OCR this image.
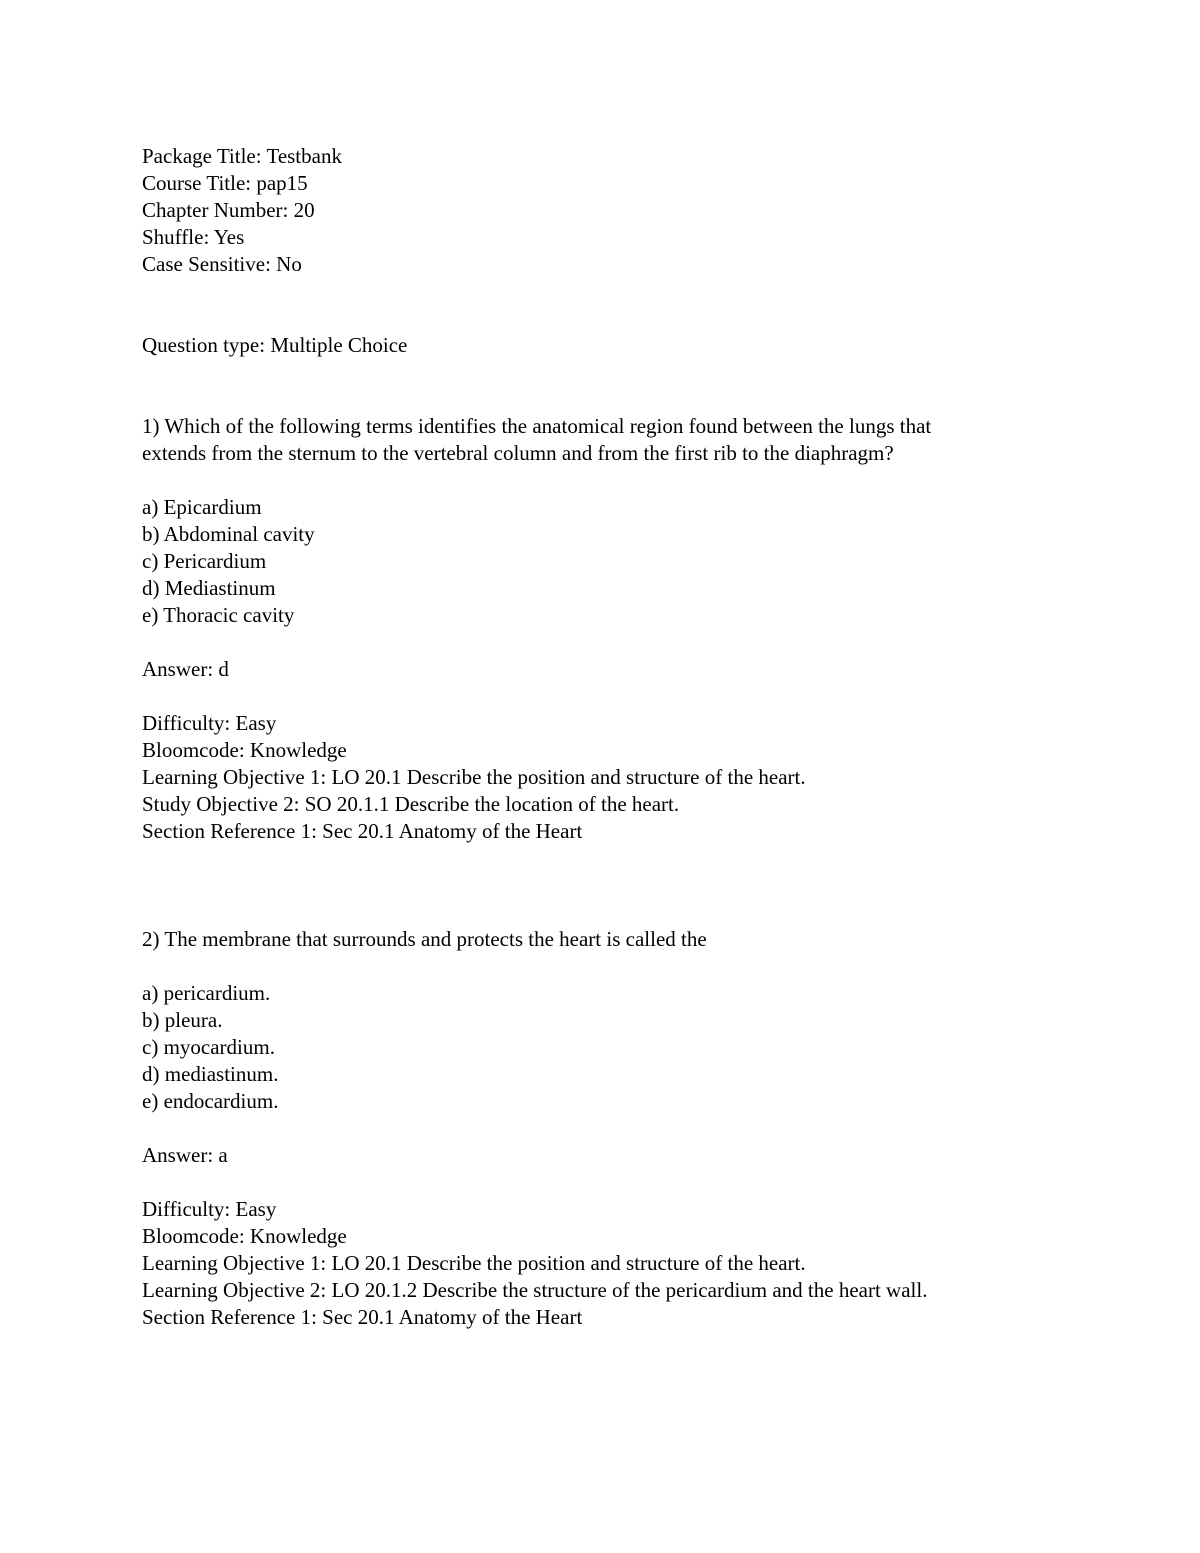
Package Title: Testbank
Course Title: pap15
Chapter Number: 20
Shuffle: Yes
Case Sensitive: No
Question type: Multiple Choice
1) Which of the following terms identifies the anatomical region found between the lungs that
extends from the sternum to the vertebral column and from the first rib to the diaphragm?
a) Epicardium
b) Abdominal cavity
c) Pericardium
d) Mediastinum
e) Thoracic cavity
Answer: d
Difficulty: Easy
Bloomcode: Knowledge
Learning Objective 1: LO 20.1 Describe the position and structure of the heart.
Study Objective 2: SO 20.1.1 Describe the location of the heart.
Section Reference 1: Sec 20.1 Anatomy of the Heart
2) The membrane that surrounds and protects the heart is called the
a) pericardium.
b) pleura.
c) myocardium.
d) mediastinum.
e) endocardium.
Answer: a
Difficulty: Easy
Bloomcode: Knowledge
Learning Objective 1: LO 20.1 Describe the position and structure of the heart.
Learning Objective 2: LO 20.1.2 Describe the structure of the pericardium and the heart wall.
Section Reference 1: Sec 20.1 Anatomy of the Heart
